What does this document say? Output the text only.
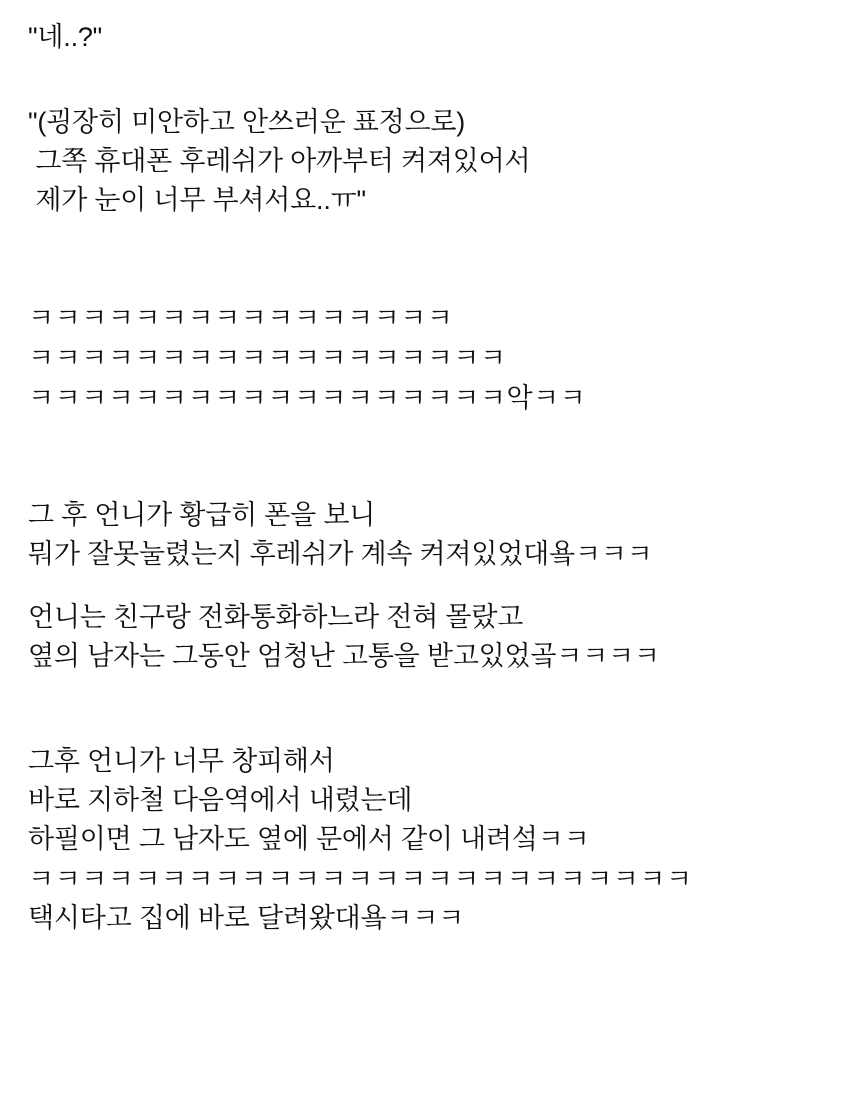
"네..?"
"(굉장히 미안하고 안쓰러운 표정으로)
그쪽 휴대폰 후레쉬가 아까부터 켜져있어서
제가 눈이 너무 부셔서요..ㅠ"
ㅋㅋㅋㅋㅋㅋㅋㅋㅋㅋㅋㅋㅋㅋㅋㅋ
ㅋㅋㅋㅋㅋㅋㅋㅋㅋㅋㅋㅋㅋㅋㅋㅋㅋㅋ
ㅋㅋㅋㅋㅋㅋㅋㅋㅋㅋㅋㅋㅋㅋㅋㅋㅋㅋ악ㅋㅋ
그 후 언니가 황급히 폰을 보니
뭐가 잘못눌렸는지 후레쉬가 계속 켜져있었대욬ㅋㅋㅋ
언니는 친구랑 전화통화하느라 전혀 몰랐고
옆의 남자는 그동안 엄청난 고통을 받고있었곸ㅋㅋㅋㅋ
그후 언니가 너무 창피해서
바로 지하철 다음역에서 내렸는데
하필이면 그 남자도 옆에 문에서 같이 내려섴ㅋㅋ
ㅋㅋㅋㅋㅋㅋㅋㅋㅋㅋㅋㅋㅋㅋㅋㅋㅋㅋㅋㅋㅋㅋㅋㅋㅋ
택시타고 집에 바로 달려왔대욬ㅋㅋㅋ
